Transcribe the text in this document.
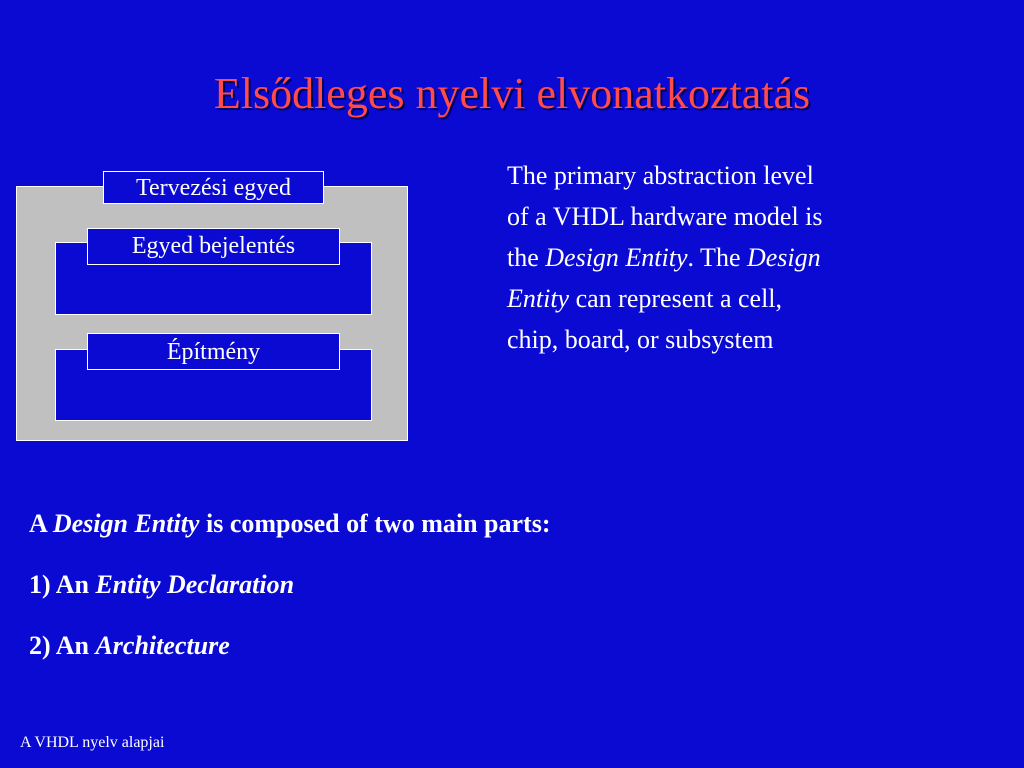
Elsődleges nyelvi elvonatkoztatás
Tervezési egyed
Egyed bejelentés
Építmény
The primary abstraction level
of a VHDL hardware model is
the Design Entity. The Design
Entity can represent a cell,
chip, board, or subsystem
A Design Entity is composed of two main parts:
1) An Entity Declaration
2) An Architecture
A VHDL nyelv alapjai
